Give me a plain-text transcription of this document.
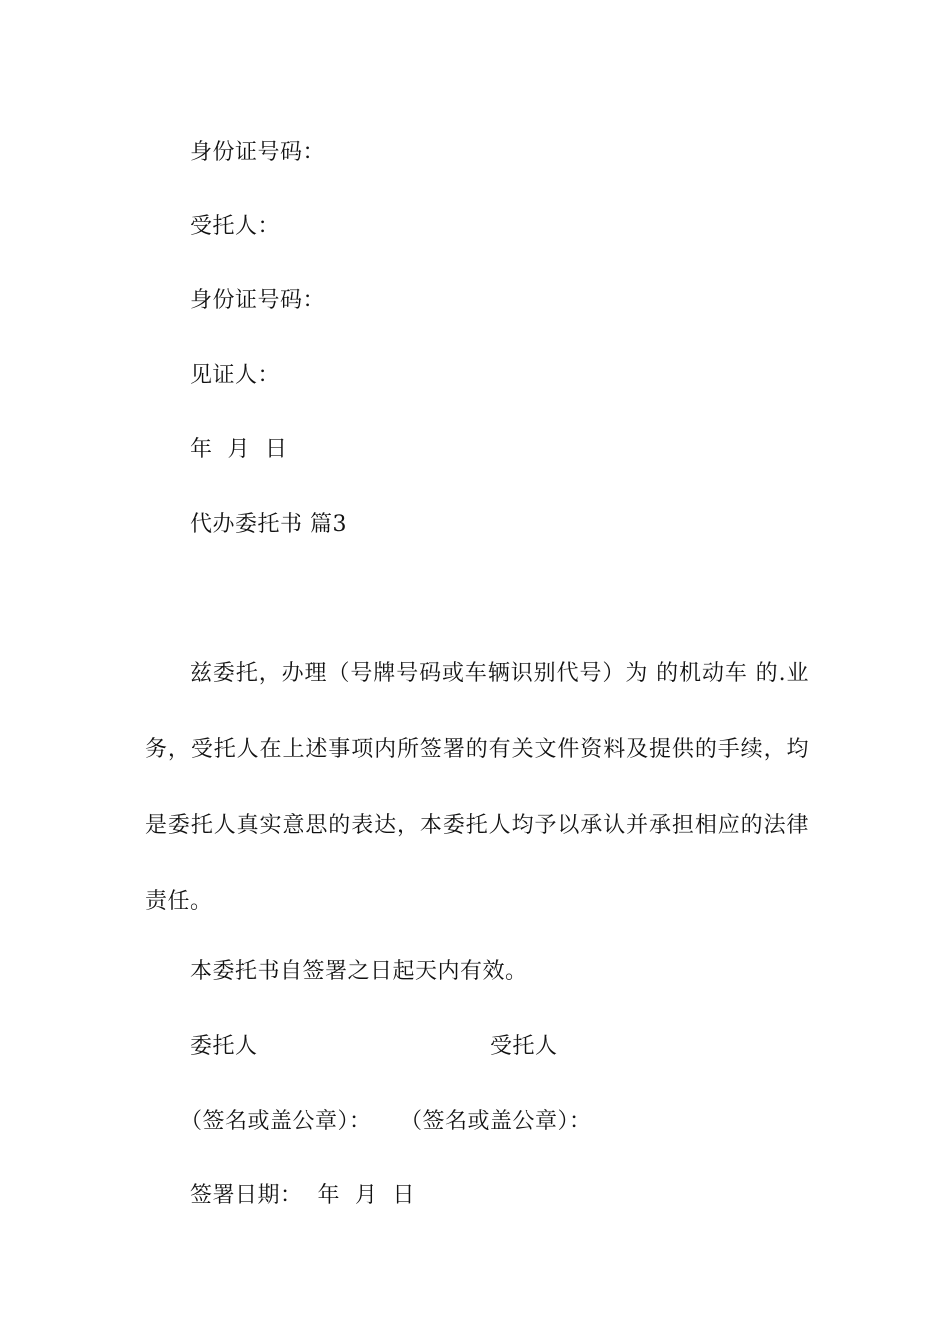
身份证号码：
受托人：
身份证号码：
见证人：
年  月  日
代办委托书 篇3
兹委托，办理（号牌号码或车辆识别代号）为 的机动车 的.业
务，受托人在上述事项内所签署的有关文件资料及提供的手续，均
是委托人真实意思的表达，本委托人均予以承认并承担相应的法律
责任。
本委托书自签署之日起天内有效。
委托人	受托人
（签名或盖公章）： （签名或盖公章）：
签署日期：  年  月  日
